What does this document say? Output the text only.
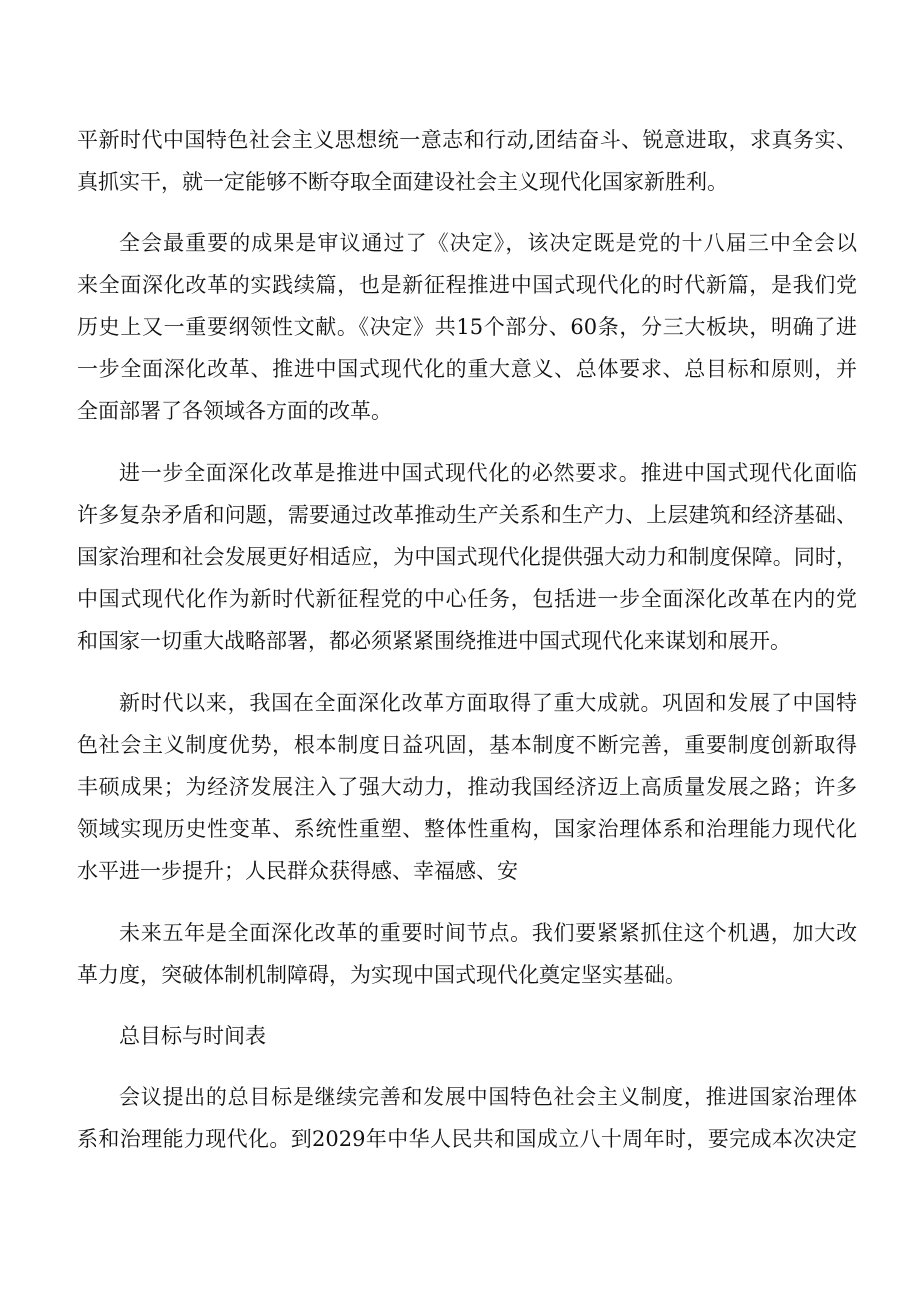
平新时代中国特色社会主义思想统一意志和行动,团结奋斗、锐意进取，求真务实、
真抓实干，就一定能够不断夺取全面建设社会主义现代化国家新胜利。
全会最重要的成果是审议通过了《决定》，该决定既是党的十八届三中全会以
来全面深化改革的实践续篇，也是新征程推进中国式现代化的时代新篇，是我们党
历史上又一重要纲领性文献。《决定》共15个部分、60条，分三大板块，明确了进
一步全面深化改革、推进中国式现代化的重大意义、总体要求、总目标和原则，并
全面部署了各领域各方面的改革。
进一步全面深化改革是推进中国式现代化的必然要求。推进中国式现代化面临
许多复杂矛盾和问题，需要通过改革推动生产关系和生产力、上层建筑和经济基础、
国家治理和社会发展更好相适应，为中国式现代化提供强大动力和制度保障。同时，
中国式现代化作为新时代新征程党的中心任务，包括进一步全面深化改革在内的党
和国家一切重大战略部署，都必须紧紧围绕推进中国式现代化来谋划和展开。
新时代以来，我国在全面深化改革方面取得了重大成就。巩固和发展了中国特
色社会主义制度优势，根本制度日益巩固，基本制度不断完善，重要制度创新取得
丰硕成果；为经济发展注入了强大动力，推动我国经济迈上高质量发展之路；许多
领域实现历史性变革、系统性重塑、整体性重构，国家治理体系和治理能力现代化
水平进一步提升；人民群众获得感、幸福感、安
未来五年是全面深化改革的重要时间节点。我们要紧紧抓住这个机遇，加大改
革力度，突破体制机制障碍，为实现中国式现代化奠定坚实基础。
总目标与时间表
会议提出的总目标是继续完善和发展中国特色社会主义制度，推进国家治理体
系和治理能力现代化。到2029年中华人民共和国成立八十周年时，要完成本次决定
